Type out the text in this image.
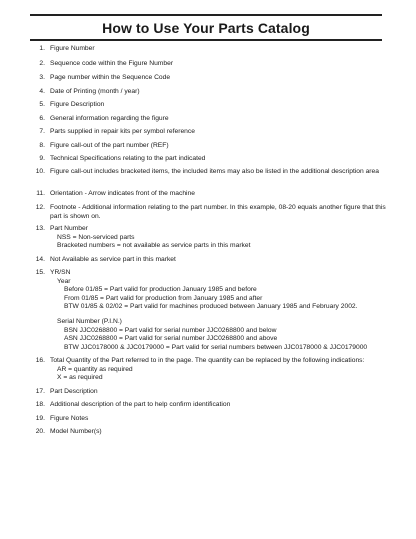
How to Use Your Parts Catalog
1. Figure Number
2. Sequence code within the Figure Number
3. Page number within the Sequence Code
4. Date of Printing (month / year)
5. Figure Description
6. General information regarding the figure
7. Parts supplied in repair kits per symbol reference
8. Figure call-out of the part number (REF)
9. Technical Specifications relating to the part indicated
10. Figure call-out includes bracketed items, the included items may also be listed in the additional description area
11. Orientation - Arrow indicates front of the machine
12. Footnote - Additional information relating to the part number. In this example, 08-20 equals another figure that this part is shown on.
13. Part Number
NSS = Non-serviced parts
Bracketed numbers = not available as service parts in this market
14. Not Available as service part in this market
15. YR/SN
Year
Before 01/85 = Part valid for production January 1985 and before
From 01/85 = Part valid for production from January 1985 and after
BTW 01/85 & 02/02 = Part valid for machines produced between January 1985 and February 2002.
Serial Number (P.I.N.)
BSN JJC0268800 = Part valid for serial number JJC0268800 and below
ASN JJC0268800 = Part valid for serial number JJC0268800 and above
BTW JJC0178000 & JJC0179000 = Part valid for serial numbers between JJC0178000 & JJC0179000
16. Total Quantity of the Part referred to in the page. The quantity can be replaced by the following indications:
AR = quantity as required
X = as required
17. Part Description
18. Additional description of the part to help confirm identification
19. Figure Notes
20. Model Number(s)
